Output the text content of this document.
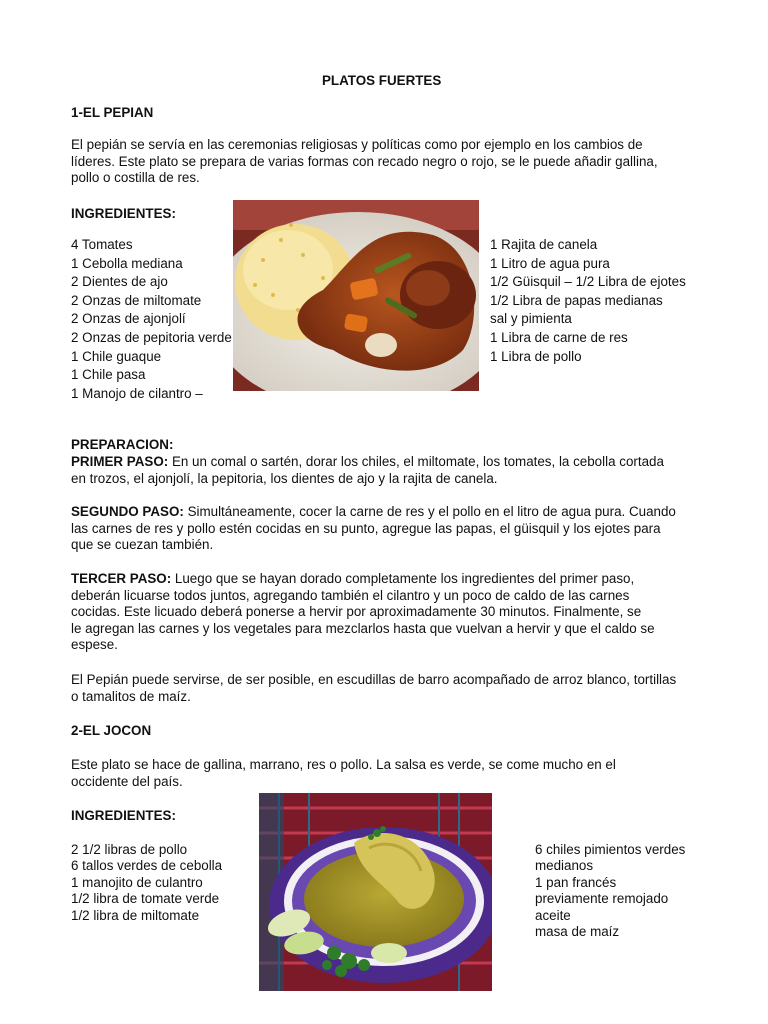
PLATOS FUERTES
1-EL PEPIAN
El pepián se servía en las ceremonias religiosas y políticas como por ejemplo en los cambios de
líderes. Este plato se prepara de varias formas con recado negro o rojo, se le puede añadir gallina,
pollo o costilla de res.
INGREDIENTES:
4 Tomates
1 Cebolla mediana
2 Dientes de ajo
2 Onzas de miltomate
2 Onzas de ajonjolí
2 Onzas de pepitoria verde
1 Chile guaque
1 Chile pasa
1 Manojo de cilantro –
1 Rajita de canela
1 Litro de agua pura
1/2 Güisquil – 1/2 Libra de ejotes
1/2 Libra de papas medianas
sal y pimienta
1 Libra de carne de res
1 Libra de pollo
PREPARACION:
PRIMER PASO: En un comal o sartén, dorar los chiles, el miltomate, los tomates, la cebolla cortada
en trozos, el ajonjolí, la pepitoria, los dientes de ajo y la rajita de canela.
SEGUNDO PASO: Simultáneamente, cocer la carne de res y el pollo en el litro de agua pura. Cuando
las carnes de res y pollo estén cocidas en su punto, agregue las papas, el güisquil y los ejotes para
que se cuezan también.
TERCER PASO: Luego que se hayan dorado completamente los ingredientes del primer paso,
deberán licuarse todos juntos, agregando también el cilantro y un poco de caldo de las carnes
cocidas. Este licuado deberá ponerse a hervir por aproximadamente 30 minutos. Finalmente, se
le agregan las carnes y los vegetales para mezclarlos hasta que vuelvan a hervir y que el caldo se
espese.
El Pepián puede servirse, de ser posible, en escudillas de barro acompañado de arroz blanco, tortillas
o tamalitos de maíz.
2-EL JOCON
Este plato se hace de gallina, marrano, res o pollo. La salsa es verde, se come mucho en el
occidente del país.
INGREDIENTES:
2 1/2 libras de pollo
6 tallos verdes de cebolla
1 manojito de culantro
1/2 libra de tomate verde
1/2 libra de miltomate
6 chiles pimientos verdes
medianos
1 pan francés
previamente remojado
aceite
masa de maíz
